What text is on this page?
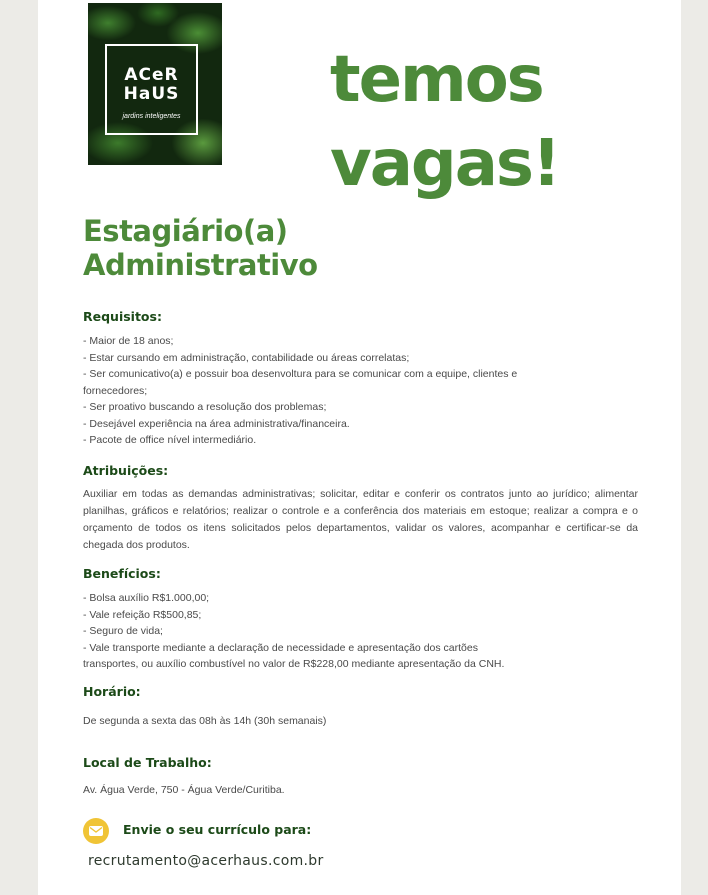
ACeR
HaUS
jardins inteligentes temos
vagas!
Estagiário(a)
Administrativo
Requisitos:
- Maior de 18 anos;
- Estar cursando em administração, contabilidade ou áreas correlatas;
- Ser comunicativo(a) e possuir boa desenvoltura para se comunicar com a equipe, clientes e
fornecedores;
- Ser proativo buscando a resolução dos problemas;
- Desejável experiência na área administrativa/financeira.
- Pacote de office nível intermediário.
Atribuições:
Auxiliar em todas as demandas administrativas; solicitar, editar e conferir os contratos junto ao jurídico; alimentar planilhas, gráficos e relatórios; realizar o controle e a conferência dos materiais em estoque; realizar a compra e o orçamento de todos os itens solicitados pelos departamentos, validar os valores, acompanhar e certificar-se da chegada dos produtos.
Benefícios:
- Bolsa auxílio R$1.000,00;
- Vale refeição R$500,85;
- Seguro de vida;
- Vale transporte mediante a declaração de necessidade e apresentação dos cartões
transportes, ou auxílio combustível no valor de R$228,00 mediante apresentação da CNH.
Horário:
De segunda a sexta das 08h às 14h (30h semanais)
Local de Trabalho:
Av. Água Verde, 750 - Água Verde/Curitiba.
Envie o seu currículo para:
recrutamento@acerhaus.com.br
